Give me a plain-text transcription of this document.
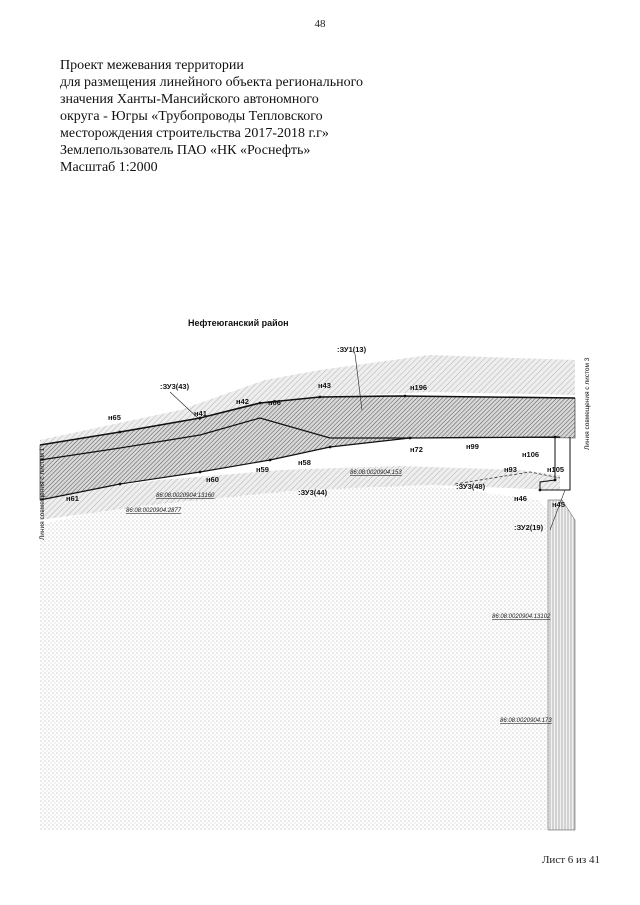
48
Проект межевания территории
для размещения линейного объекта регионального
значения Ханты-Мансийского автономного
округа - Югры «Трубопроводы Тепловского
месторождения строительства 2017-2018 г.г»
Землепользователь ПАО «НК «Роснефть»
Масштаб 1:2000
Нефтеюганский район
Линия совмещения с листом 1
Линия совмещения с листом 3
:ЗУ1(13)
:ЗУ3(43)
:ЗУ3(44)
:ЗУ3(48)
:ЗУ2(19)
н65	н41
н42	н66
н43	н196
н72	н99
н106
н105
н93
н46
н45
н58
н59
н60
н61
86:08:0020904:153
86:08:0020904:13160
86:08:0020904:2877
86:08:0020904:13102
86:08:0020904:173
Лист 6 из 41
